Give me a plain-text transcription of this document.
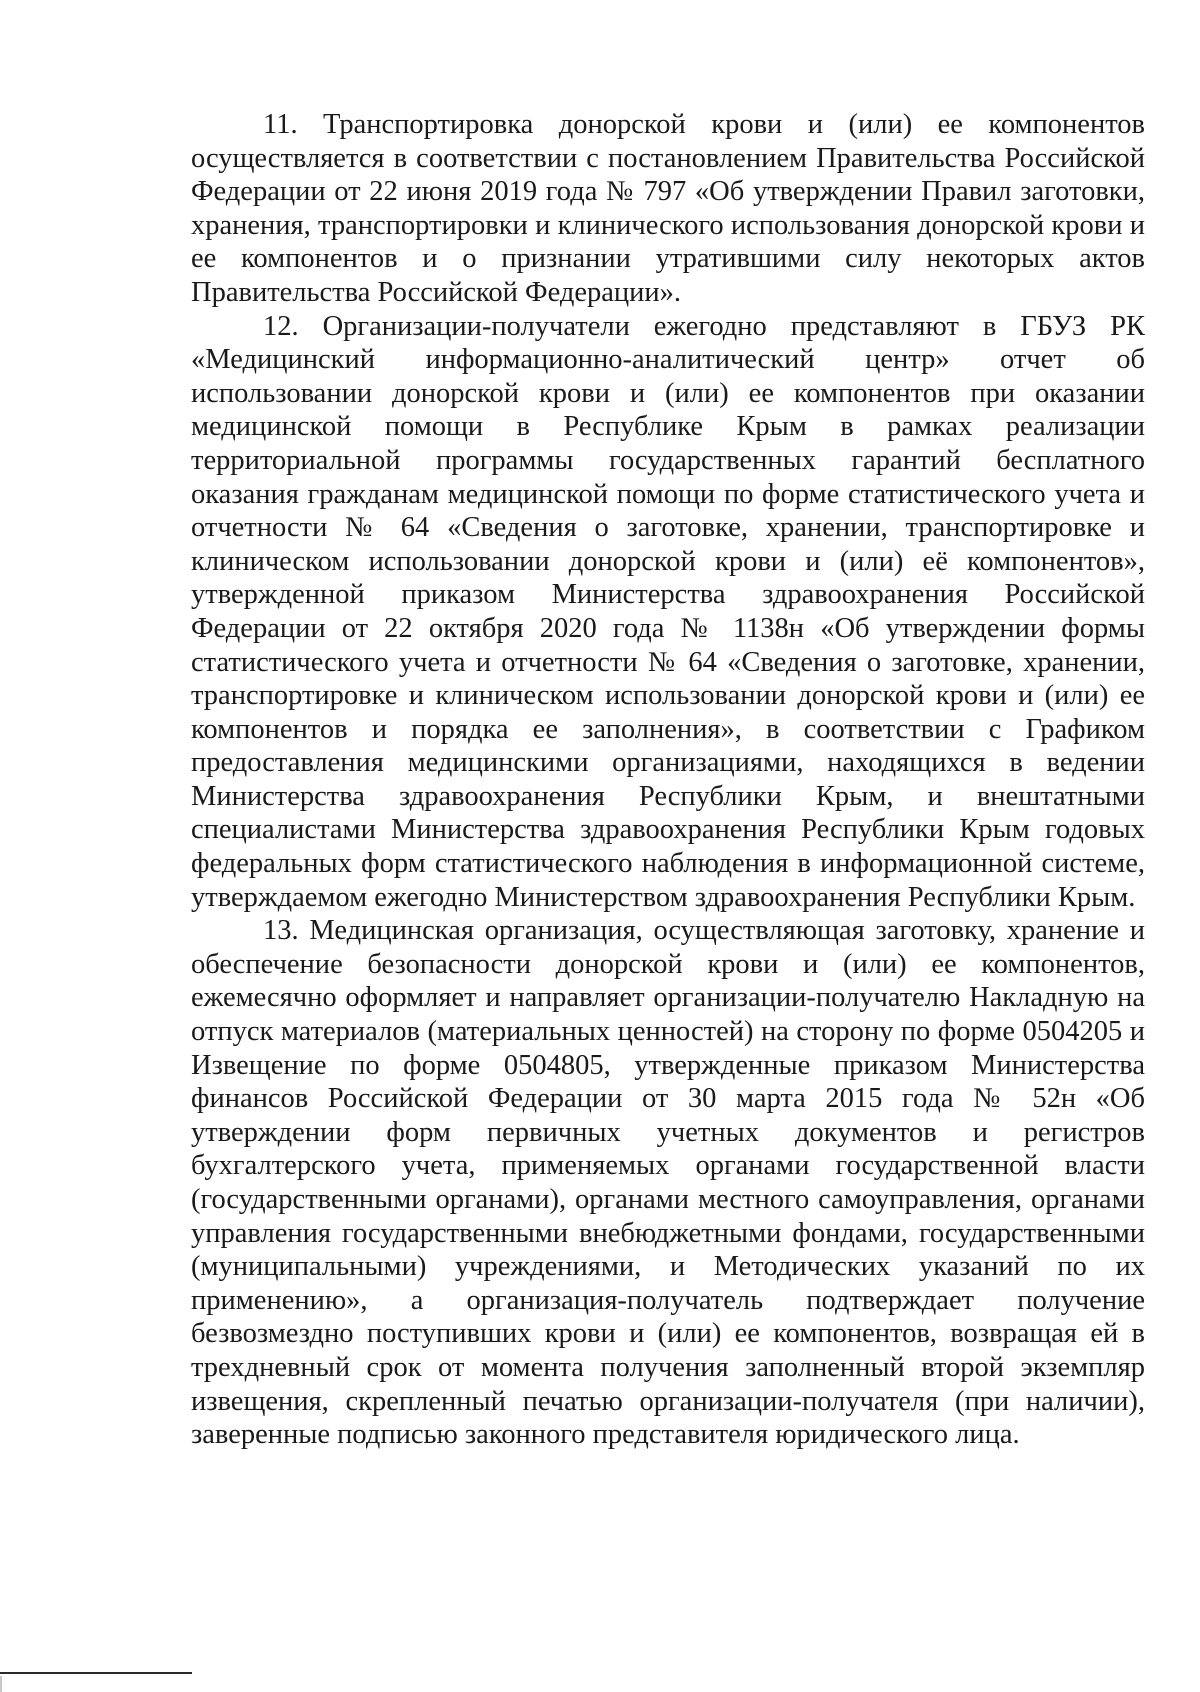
11. Транспортировка донорской крови и (или) ее компонентов осуществляется в соответствии с постановлением Правительства Российской Федерации от 22 июня 2019 года № 797 «Об утверждении Правил заготовки, хранения, транспортировки и клинического использования донорской крови и ее компонентов и о признании утратившими силу некоторых актов Правительства Российской Федерации».

12. Организации-получатели ежегодно представляют в ГБУЗ РК «Медицинский информационно-аналитический центр» отчет об использовании донорской крови и (или) ее компонентов при оказании медицинской помощи в Республике Крым в рамках реализации территориальной программы государственных гарантий бесплатного оказания гражданам медицинской помощи по форме статистического учета и отчетности № 64 «Сведения о заготовке, хранении, транспортировке и клиническом использовании донорской крови и (или) её компонентов», утвержденной приказом Министерства здравоохранения Российской Федерации от 22 октября 2020 года № 1138н «Об утверждении формы статистического учета и отчетности № 64 «Сведения о заготовке, хранении, транспортировке и клиническом использовании донорской крови и (или) ее компонентов и порядка ее заполнения», в соответствии с Графиком предоставления медицинскими организациями, находящихся в ведении Министерства здравоохранения Республики Крым, и внештатными специалистами Министерства здравоохранения Республики Крым годовых федеральных форм статистического наблюдения в информационной системе, утверждаемом ежегодно Министерством здравоохранения Республики Крым.

13. Медицинская организация, осуществляющая заготовку, хранение и обеспечение безопасности донорской крови и (или) ее компонентов, ежемесячно оформляет и направляет организации-получателю Накладную на отпуск материалов (материальных ценностей) на сторону по форме 0504205 и Извещение по форме 0504805, утвержденные приказом Министерства финансов Российской Федерации от 30 марта 2015 года № 52н «Об утверждении форм первичных учетных документов и регистров бухгалтерского учета, применяемых органами государственной власти (государственными органами), органами местного самоуправления, органами управления государственными внебюджетными фондами, государственными (муниципальными) учреждениями, и Методических указаний по их применению», а организация-получатель подтверждает получение безвозмездно поступивших крови и (или) ее компонентов, возвращая ей в трехдневный срок от момента получения заполненный второй экземпляр извещения, скрепленный печатью организации-получателя (при наличии), заверенные подписью законного представителя юридического лица.
